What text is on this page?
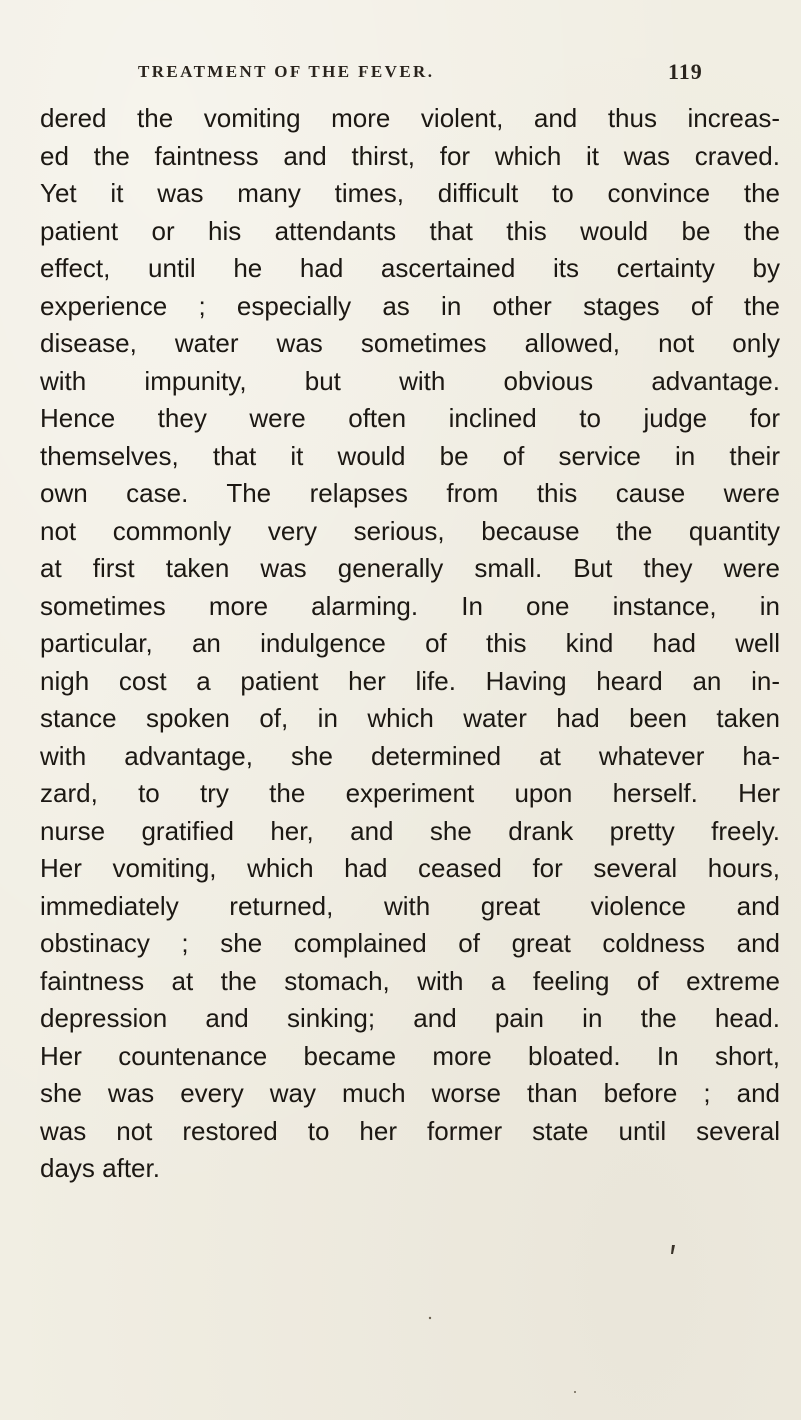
TREATMENT OF THE FEVER.	119
dered the vomiting more violent, and thus increas-
ed the faintness and thirst, for which it was craved.
Yet it was many times, difficult to convince the
patient or his attendants that this would be the
effect, until he had ascertained its certainty by
experience ; especially as in other stages of the
disease, water was sometimes allowed, not only
with impunity, but with obvious advantage.
Hence they were often inclined to judge for
themselves, that it would be of service in their
own case. The relapses from this cause were
not commonly very serious, because the quantity
at first taken was generally small. But they were
sometimes more alarming. In one instance, in
particular, an indulgence of this kind had well
nigh cost a patient her life. Having heard an in-
stance spoken of, in which water had been taken
with advantage, she determined at whatever ha-
zard, to try the experiment upon herself. Her
nurse gratified her, and she drank pretty freely.
Her vomiting, which had ceased for several hours,
immediately returned, with great violence and
obstinacy ; she complained of great coldness and
faintness at the stomach, with a feeling of extreme
depression and sinking; and pain in the head.
Her countenance became more bloated. In short,
she was every way much worse than before ; and
was not restored to her former state until several
days after.
